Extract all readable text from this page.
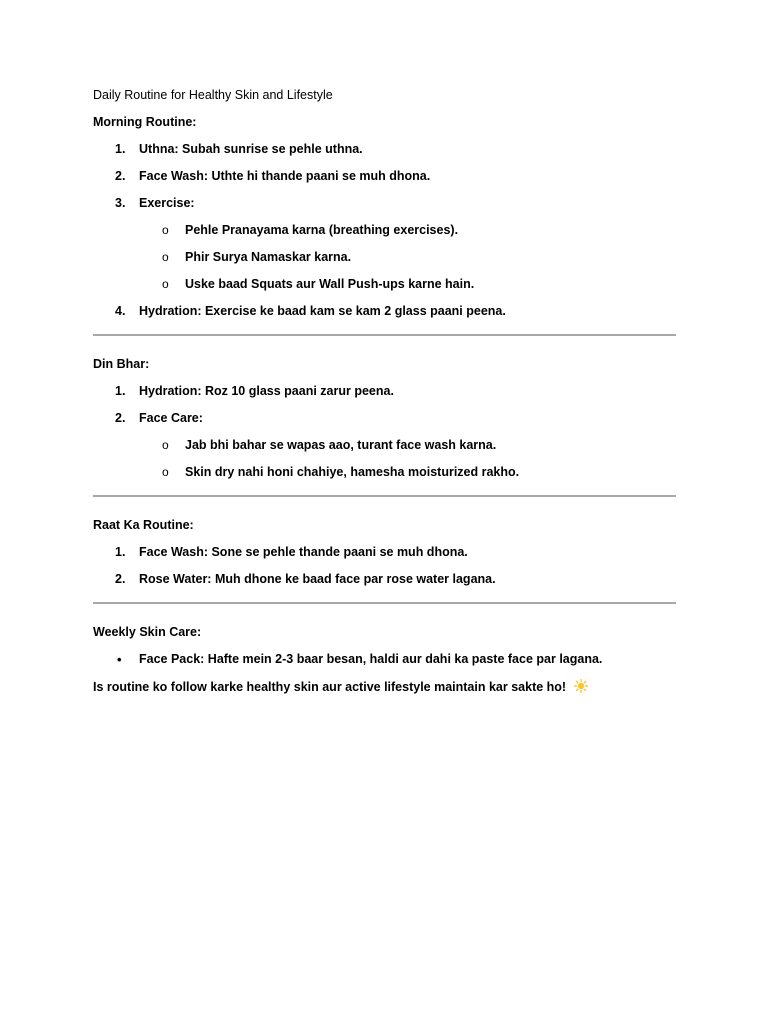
Daily Routine for Healthy Skin and Lifestyle
Morning Routine:
1.	Uthna: Subah sunrise se pehle uthna.
2.	Face Wash: Uthte hi thande paani se muh dhona.
3.	Exercise:
o Pehle Pranayama karna (breathing exercises).
o Phir Surya Namaskar karna.
o Uske baad Squats aur Wall Push-ups karne hain.
4.	Hydration: Exercise ke baad kam se kam 2 glass paani peena.
Din Bhar:
1.	Hydration: Roz 10 glass paani zarur peena.
2.	Face Care:
o Jab bhi bahar se wapas aao, turant face wash karna.
o Skin dry nahi honi chahiye, hamesha moisturized rakho.
Raat Ka Routine:
1.	Face Wash: Sone se pehle thande paani se muh dhona.
2.	Rose Water: Muh dhone ke baad face par rose water lagana.
Weekly Skin Care:
•	Face Pack: Hafte mein 2-3 baar besan, haldi aur dahi ka paste face par lagana.
Is routine ko follow karke healthy skin aur active lifestyle maintain kar sakte ho!
